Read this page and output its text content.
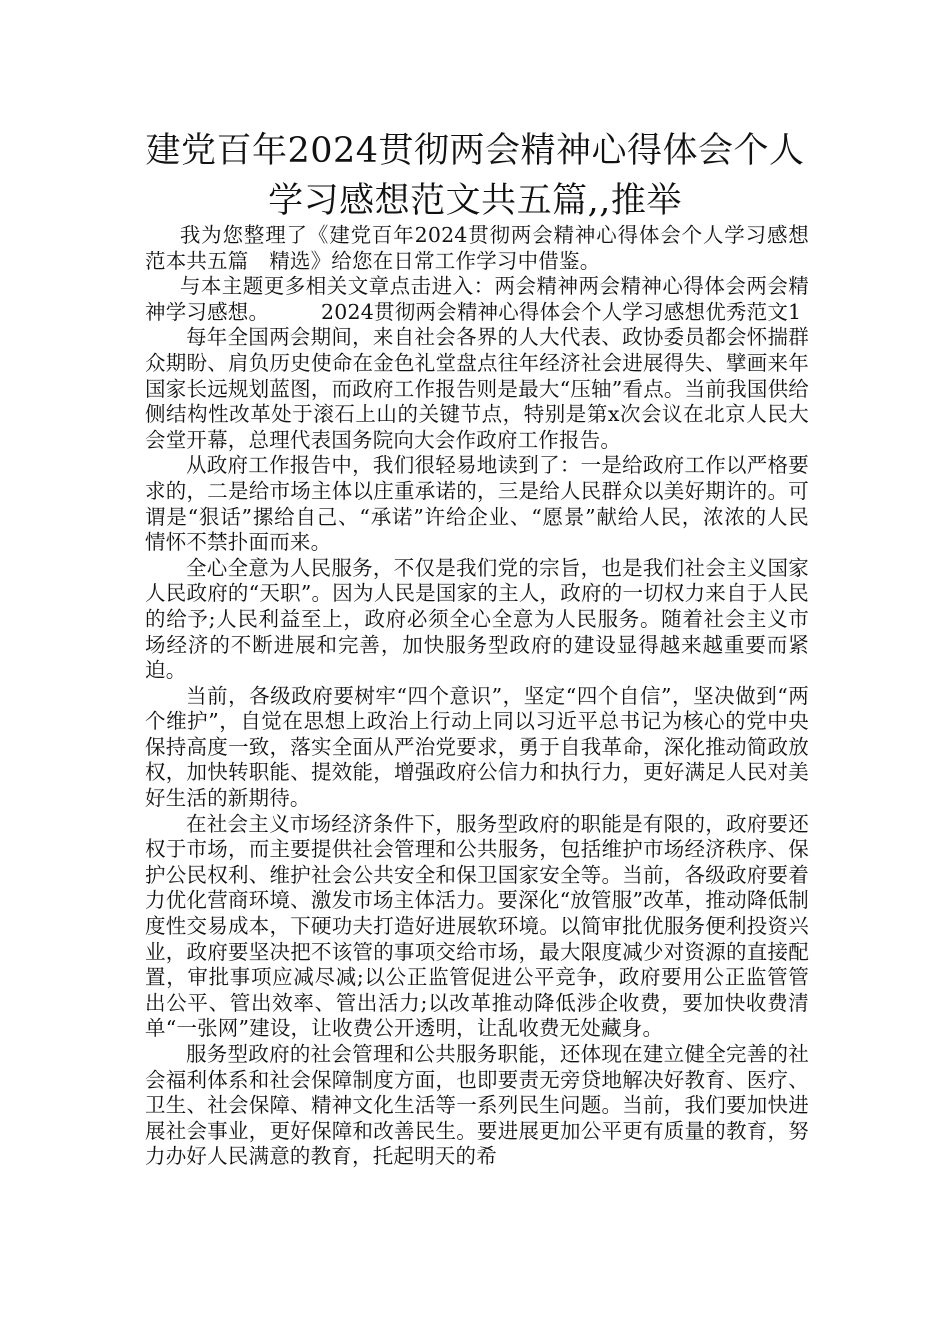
建党百年2024贯彻两会精神心得体会个人学习感想范文共五篇,,推举

我为您整理了《建党百年2024贯彻两会精神心得体会个人学习感想范本共五篇　精选》给您在日常工作学习中借鉴。

与本主题更多相关文章点击进入：两会精神两会精神心得体会两会精神学习感想。　　　2024贯彻两会精神心得体会个人学习感想优秀范文1

每年全国两会期间，来自社会各界的人大代表、政协委员都会怀揣群众期盼、肩负历史使命在金色礼堂盘点往年经济社会进展得失、擘画来年国家长远规划蓝图，而政府工作报告则是最大“压轴”看点。当前我国供给侧结构性改革处于滚石上山的关键节点，特别是第x次会议在北京人民大会堂开幕，总理代表国务院向大会作政府工作报告。

从政府工作报告中，我们很轻易地读到了：一是给政府工作以严格要求的，二是给市场主体以庄重承诺的，三是给人民群众以美好期许的。可谓是“狠话”摞给自己、“承诺”许给企业、“愿景”献给人民，浓浓的人民情怀不禁扑面而来。

全心全意为人民服务，不仅是我们党的宗旨，也是我们社会主义国家人民政府的“天职”。因为人民是国家的主人，政府的一切权力来自于人民的给予;人民利益至上，政府必须全心全意为人民服务。随着社会主义市场经济的不断进展和完善，加快服务型政府的建设显得越来越重要而紧迫。

当前，各级政府要树牢“四个意识”，坚定“四个自信”，坚决做到“两个维护”，自觉在思想上政治上行动上同以习近平总书记为核心的党中央保持高度一致，落实全面从严治党要求，勇于自我革命，深化推动简政放权，加快转职能、提效能，增强政府公信力和执行力，更好满足人民对美好生活的新期待。

在社会主义市场经济条件下，服务型政府的职能是有限的，政府要还权于市场，而主要提供社会管理和公共服务，包括维护市场经济秩序、保护公民权利、维护社会公共安全和保卫国家安全等。当前，各级政府要着力优化营商环境、激发市场主体活力。要深化“放管服”改革，推动降低制度性交易成本，下硬功夫打造好进展软环境。以简审批优服务便利投资兴业，政府要坚决把不该管的事项交给市场，最大限度减少对资源的直接配置，审批事项应减尽减;以公正监管促进公平竞争，政府要用公正监管管出公平、管出效率、管出活力;以改革推动降低涉企收费，要加快收费清单“一张网”建设，让收费公开透明，让乱收费无处藏身。

服务型政府的社会管理和公共服务职能，还体现在建立健全完善的社会福利体系和社会保障制度方面，也即要责无旁贷地解决好教育、医疗、卫生、社会保障、精神文化生活等一系列民生问题。当前，我们要加快进展社会事业，更好保障和改善民生。要进展更加公平更有质量的教育，努力办好人民满意的教育，托起明天的希
